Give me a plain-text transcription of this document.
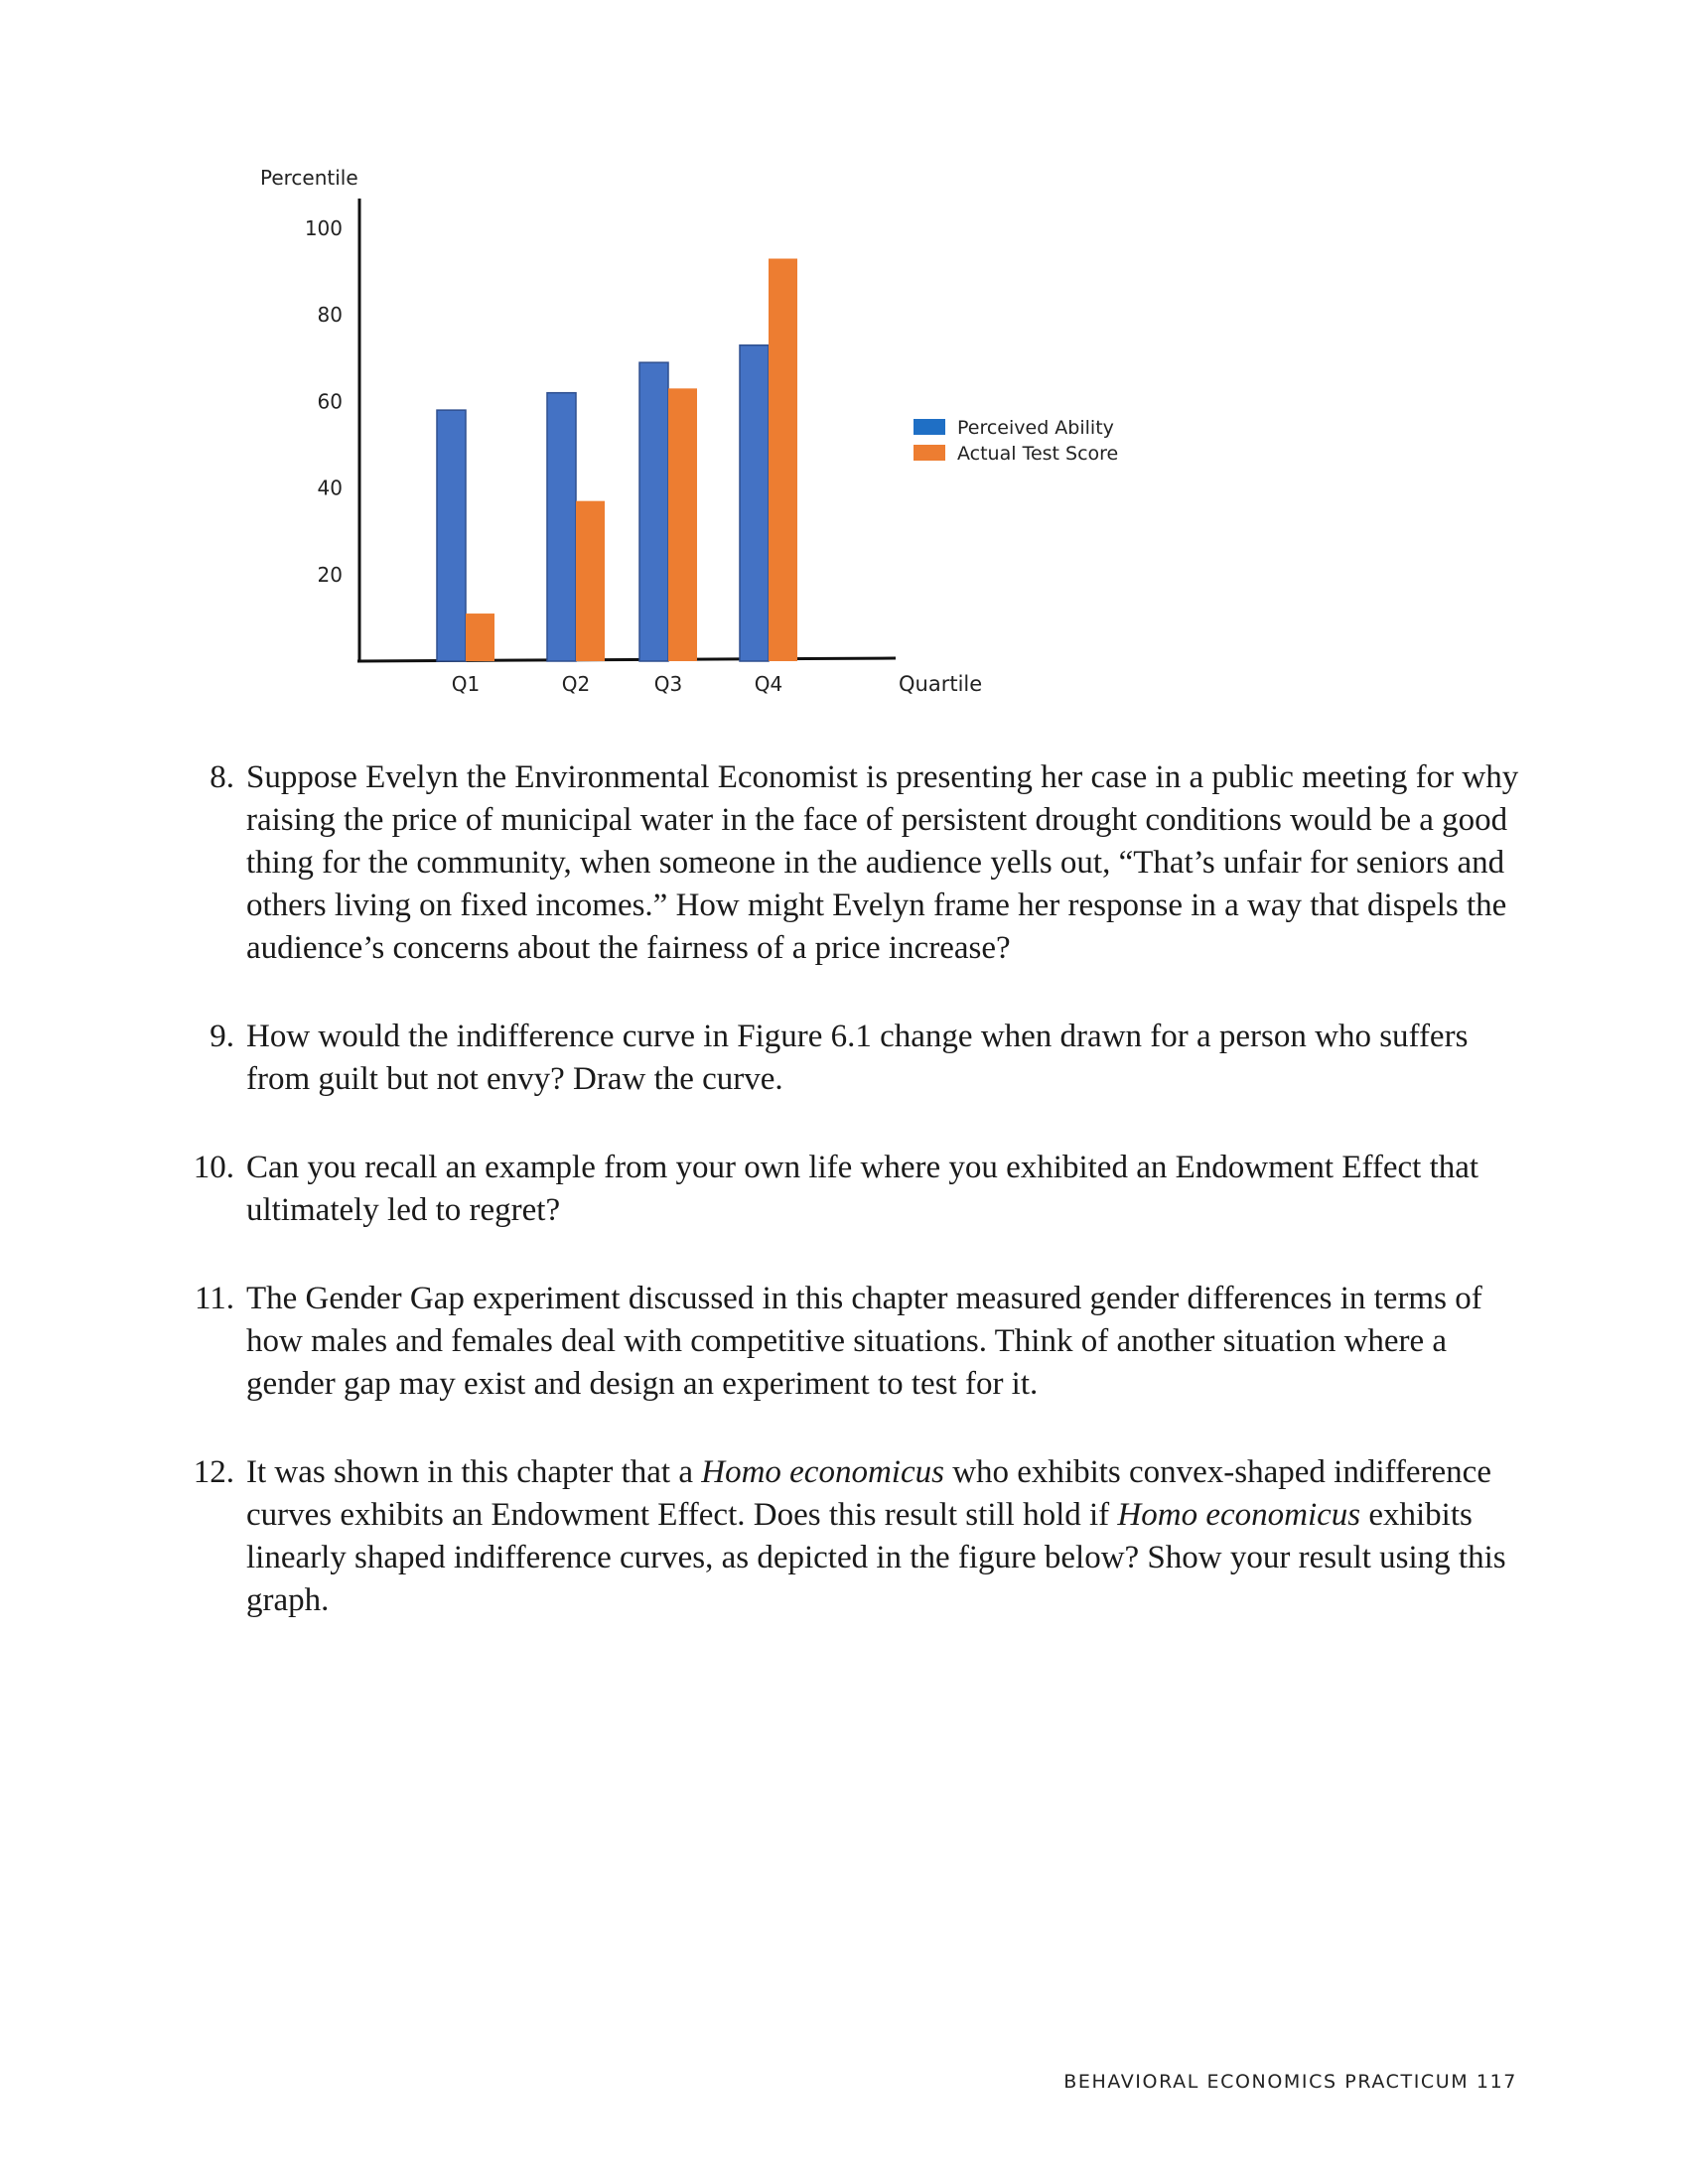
Percentile
20
40
60
80
100
Q1	Q2	Q3	Q4	Quartile
Perceived Ability
Actual Test Score
8. Suppose Evelyn the Environmental Economist is presenting her case in a public meeting for why raising the price of municipal water in the face of persistent drought conditions would be a good thing for the community, when someone in the audience yells out, “That’s unfair for seniors and others living on fixed incomes.” How might Evelyn frame her response in a way that dispels the audience’s concerns about the fairness of a price increase?
9. How would the indifference curve in Figure 6.1 change when drawn for a person who suffers from guilt but not envy? Draw the curve.
10. Can you recall an example from your own life where you exhibited an Endowment Effect that ultimately led to regret?
11. The Gender Gap experiment discussed in this chapter measured gender differences in terms of how males and females deal with competitive situations. Think of another situation where a gender gap may exist and design an experiment to test for it.
12. It was shown in this chapter that a Homo economicus who exhibits convex-shaped indifference curves exhibits an Endowment Effect. Does this result still hold if Homo economicus exhibits linearly shaped indifference curves, as depicted in the figure below? Show your result using this graph.
BEHAVIORAL ECONOMICS PRACTICUM 117
